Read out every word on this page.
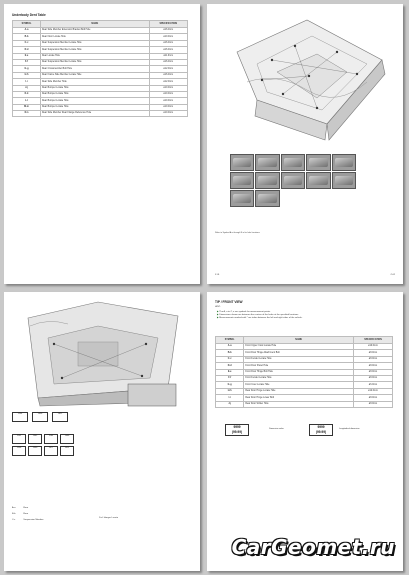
Underbody Dent Table
SYMBOL	NAME	SPECIFICATION
A-a	Rear Side Member Extension Bracket Bolt Hole	ø16.0mm
B-b	Rear Floor Locate Hole	ø10.0mm
C-c	Rear Suspension Member Locate Hole	ø16.0mm
D-d	Rear Suspension Member Locate Hole	ø16.0mm
E-e	Rear Locate Hole	ø11.0mm
F-f	Rear Suspension Member Locate Hole	ø16.0mm
G-g	Rear Crossmember Bolt Hole	ø12.0mm
H-h	Rear Frame Side Member Locate Hole	ø16.0mm
I-i	Rear Side Member Hole	ø12.0mm
J-j	Rear Bumper Locate Hole	ø10.0mm
K-k	Rear Bumper Locate Hole	ø10.0mm
L-l	Rear Bumper Locate Hole	ø10.0mm
M-m	Rear Bumper Locate Hole	ø10.0mm
N-n	Rear Side Member Rear Flange Reference Hole	ø10.0mm
Refer to Symbol A-a through N-n for hole locations
Z-01	Z-02
1234	1456	1621
1102	1342	1189	1406
1258	1530	1477	1311
A-a	Rear
B-b	Rear
C-c	Suspension Member
D-d  Hanger Locate
TIP / FRONT VIEW
HINT:
▶ The A, a to Z, z are symbols for measurement points.
▶ Dimensions shown are between the centers of the holes at the specified locations.
▶ Measurements marked with * are taken between the left and right sides of the vehicle.
SYMBOL	NAME	SPECIFICATION
A-a	Front Upper Cowl Locate Hole	ø10.0mm
B-b	Front Door Hinge Attachment Bolt	ø8.0mm
C-c	Front Fender Locate Hole	ø8.0mm
D-d	Front Door Panel Hole	ø8.0mm
E-e	Front Door Hinge Bolt Hole	ø8.0mm
F-f	Front Fender Locate Hole	ø8.0mm
G-g	Front Inner Locate Hole	ø6.0mm
H-h	Rear Door Hinge Locate Hole	ø12.0mm
I-i	Rear Door Hinge Lower Bolt	ø8.0mm
J-j	Rear Door Striker Hole	ø8.0mm
9999
(99.99)
Dimension value	9999
(99.99)
Longitudinal dimension
CarGeomet.ru
